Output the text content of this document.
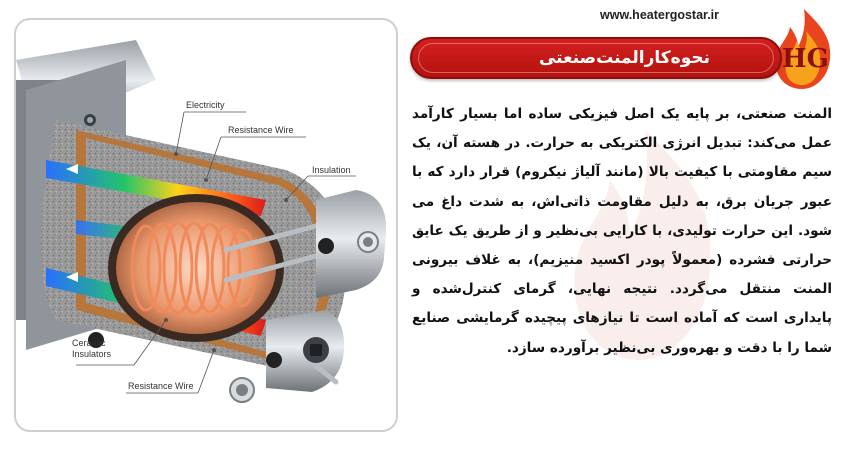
Electricity
Resistance Wire
Insulation
Ceramic
Insulators
Resistance Wire
www.heatergostar.ir
HG
نحوه‌کارالمنت‌صنعتی
المنت صنعتی، بر پایه یک اصل فیزیکی ساده اما بسیار کارآمد عمل می‌کند: تبدیل انرژی الکتریکی به حرارت. در هسته آن، یک سیم مقاومتی با کیفیت بالا (مانند آلیاژ نیکروم) قرار دارد که با عبور جریان برق، به دلیل مقاومت ذاتی‌اش، به شدت داغ می شود. این حرارت تولیدی، با کارایی بی‌نظیر و از طریق یک عایق حرارتی فشرده (معمولاً پودر اکسید منیزیم)، به غلاف بیرونی المنت منتقل می‌گردد. نتیجه نهایی، گرمای کنترل‌شده و پایداری است که آماده است تا نیازهای پیچیده گرمایشی صنایع شما را با دقت و بهره‌وری بی‌نظیر برآورده سازد.
